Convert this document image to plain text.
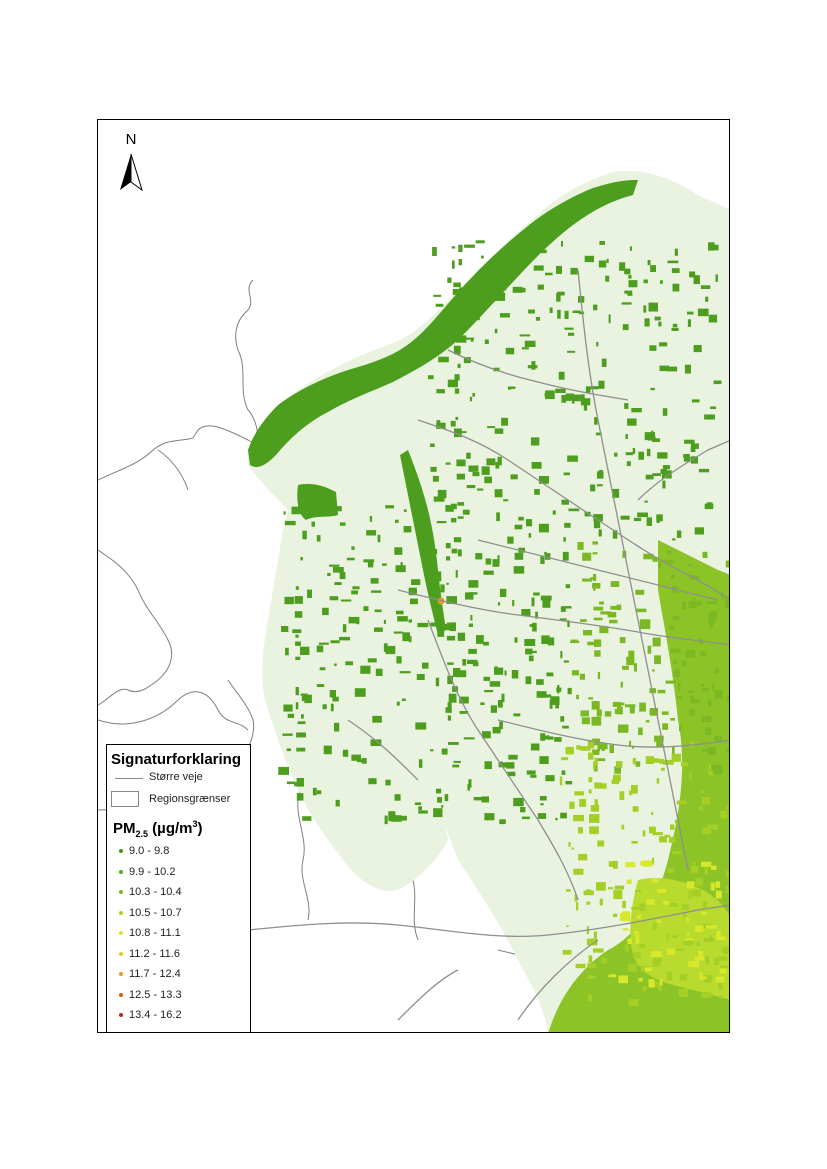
N
Signaturforklaring
Større veje
Regionsgrænser
$PM_{2.5}$ $(\mu g/m^3)$
9.0 - 9.8
9.9 - 10.2
10.3 - 10.4
10.5 - 10.7
10.8 - 11.1
11.2 - 11.6
11.7 - 12.4
12.5 - 13.3
13.4 - 16.2
